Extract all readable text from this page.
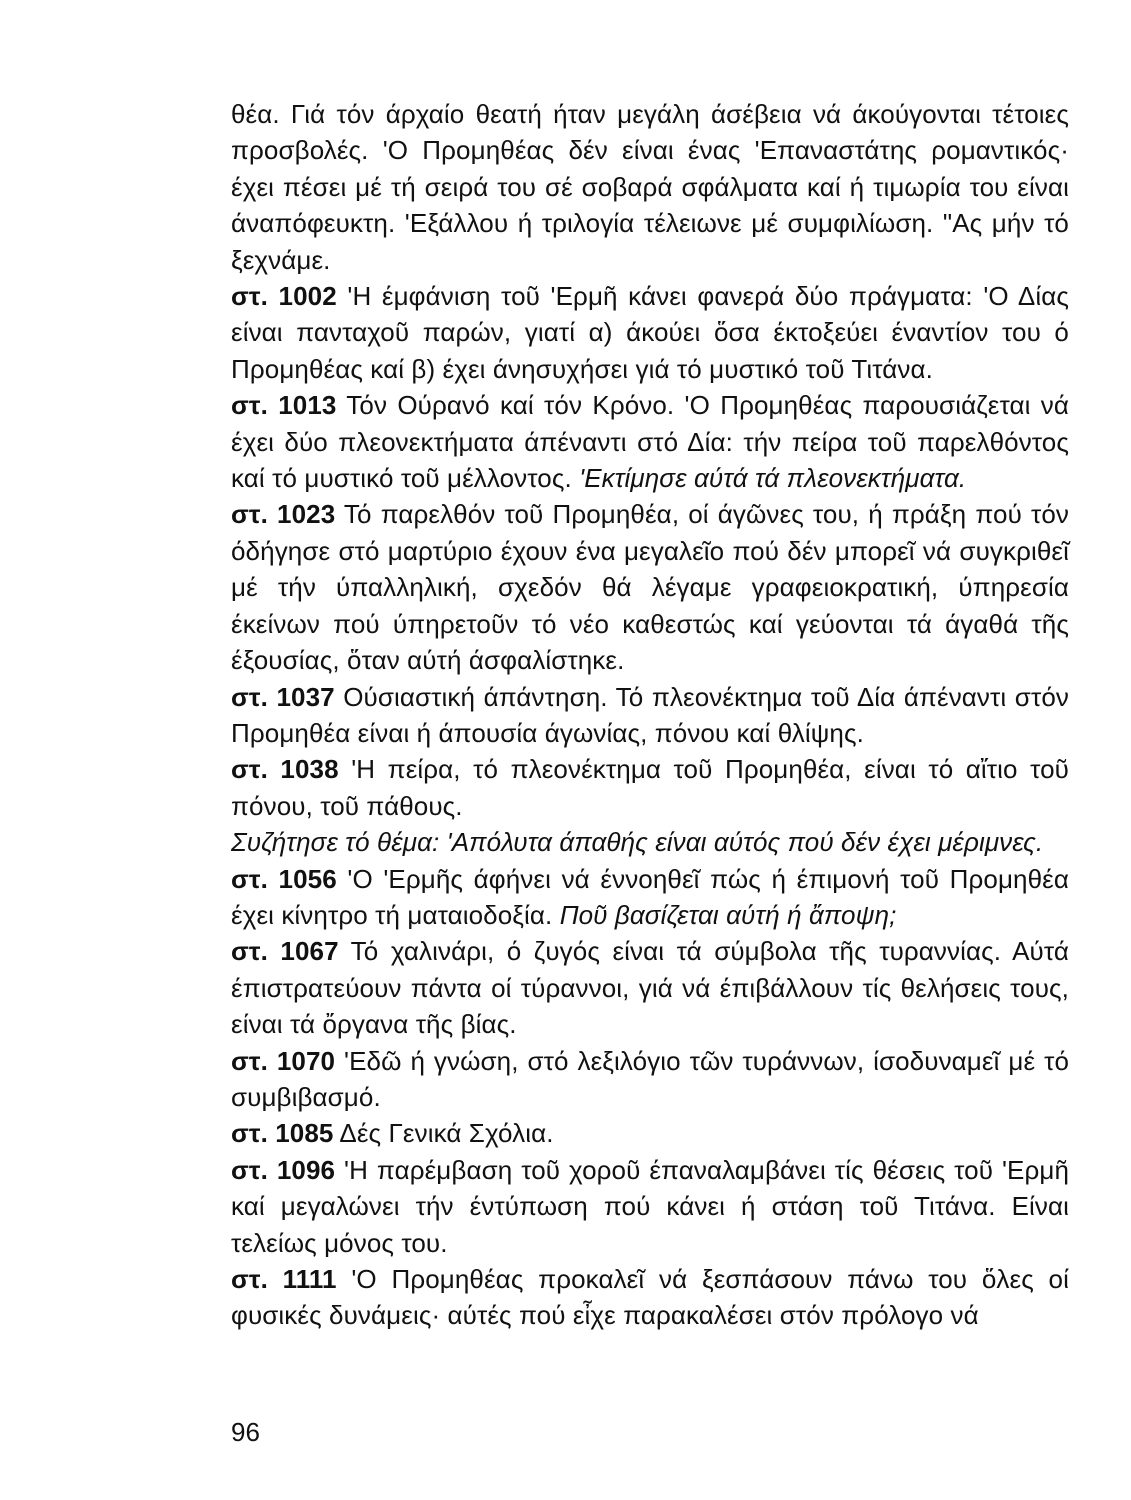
θέα. Γιά τόν άρχαίο θεατή ήταν μεγάλη άσέβεια νά άκούγονται τέτοιες προσβολές. 'Ο Προμηθέας δέν είναι ένας 'Επαναστάτης ρομαντικός· έχει πέσει μέ τή σειρά του σέ σοβαρά σφάλματα καί ή τιμωρία του είναι άναπόφευκτη. 'Εξάλλου ή τριλογία τέλειωνε μέ συμφιλίωση. "Ας μήν τό ξεχνάμε.

στ. 1002 'Η έμφάνιση τοῦ 'Ερμῆ κάνει φανερά δύο πράγματα: 'Ο Δίας είναι πανταχοῦ παρών, γιατί α) άκούει ὅσα έκτοξεύει έναντίον του ό Προμηθέας καί β) έχει άνησυχήσει γιά τό μυστικό τοῦ Τιτάνα.

στ. 1013 Τόν Ούρανό καί τόν Κρόνο. 'Ο Προμηθέας παρουσιάζεται νά έχει δύο πλεονεκτήματα άπέναντι στό Δία: τήν πείρα τοῦ παρελθόντος καί τό μυστικό τοῦ μέλλοντος. 'Εκτίμησε αύτά τά πλεονεκτήματα.

στ. 1023 Τό παρελθόν τοῦ Προμηθέα, οί άγῶνες του, ή πράξη πού τόν όδήγησε στό μαρτύριο έχουν ένα μεγαλεῖο πού δέν μπορεῖ νά συγκριθεῖ μέ τήν ύπαλληλική, σχεδόν θά λέγαμε γραφειοκρατική, ύπηρεσία έκείνων πού ύπηρετοῦν τό νέο καθεστώς καί γεύονται τά άγαθά τῆς έξουσίας, ὅταν αύτή άσφαλίστηκε.

στ. 1037 Ούσιαστική άπάντηση. Τό πλεονέκτημα τοῦ Δία άπέναντι στόν Προμηθέα είναι ή άπουσία άγωνίας, πόνου καί θλίψης.

στ. 1038 'Η πείρα, τό πλεονέκτημα τοῦ Προμηθέα, είναι τό αἴτιο τοῦ πόνου, τοῦ πάθους.

Συζήτησε τό θέμα: 'Απόλυτα άπαθής είναι αύτός πού δέν έχει μέριμνες.

στ. 1056 'Ο 'Ερμῆς άφήνει νά έννοηθεῖ πώς ή έπιμονή τοῦ Προμηθέα έχει κίνητρο τή ματαιοδοξία. Ποῦ βασίζεται αύτή ή ἄποψη;

στ. 1067 Τό χαλινάρι, ό ζυγός είναι τά σύμβολα τῆς τυραννίας. Αύτά έπιστρατεύουν πάντα οί τύραννοι, γιά νά έπιβάλλουν τίς θελήσεις τους, είναι τά ὄργανα τῆς βίας.

στ. 1070 'Εδῶ ή γνώση, στό λεξιλόγιο τῶν τυράννων, ίσοδυναμεῖ μέ τό συμβιβασμό.

στ. 1085 Δές Γενικά Σχόλια.

στ. 1096 'Η παρέμβαση τοῦ χοροῦ έπαναλαμβάνει τίς θέσεις τοῦ 'Ερμῆ καί μεγαλώνει τήν έντύπωση πού κάνει ή στάση τοῦ Τιτάνα. Είναι τελείως μόνος του.

στ. 1111 'Ο Προμηθέας προκαλεῖ νά ξεσπάσουν πάνω του ὅλες οί φυσικές δυνάμεις· αύτές πού εἶχε παρακαλέσει στόν πρόλογο νά

96
